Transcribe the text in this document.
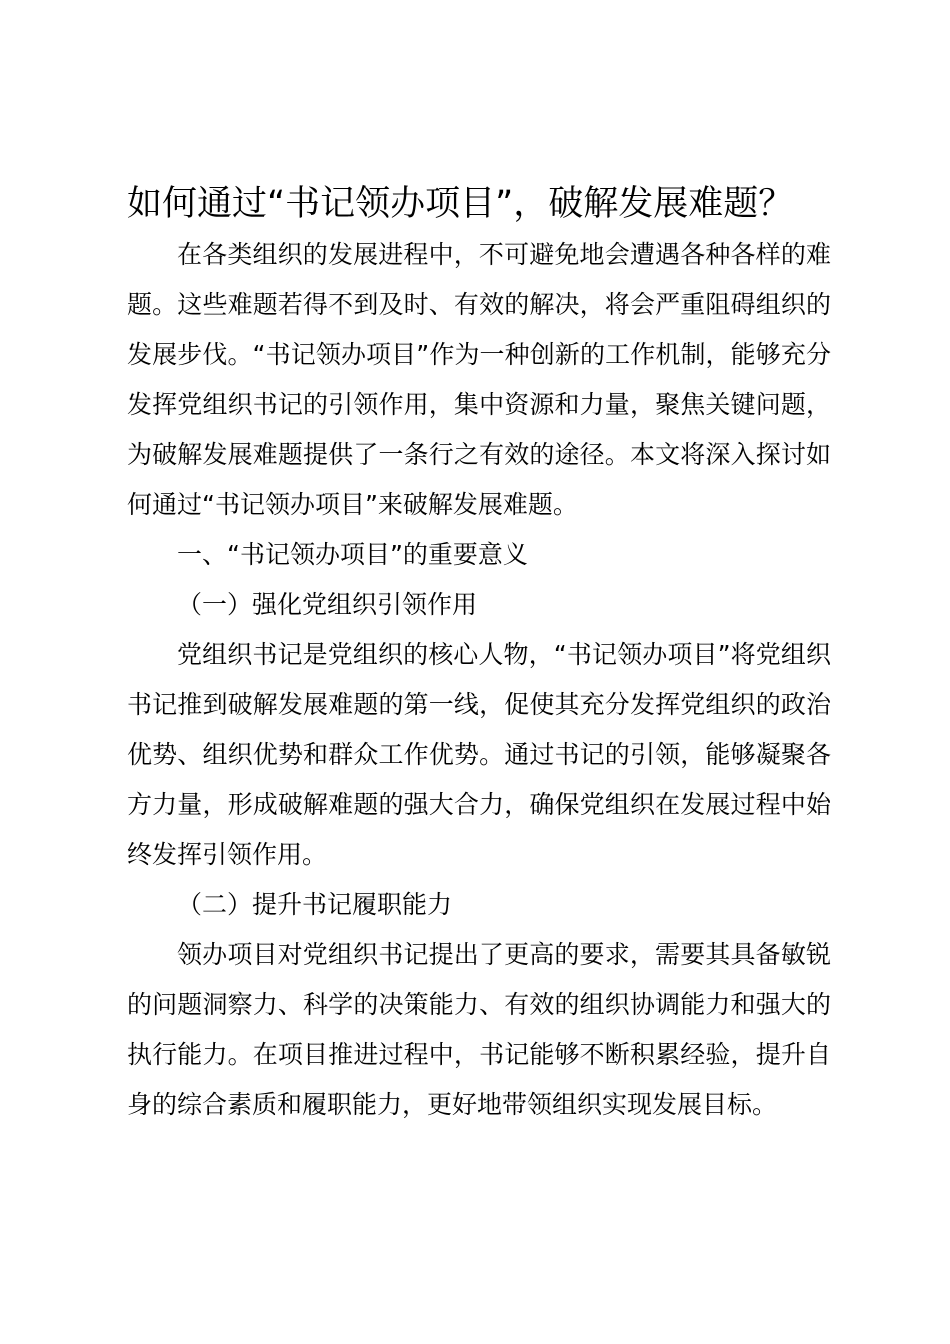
如何通过“书记领办项目”，破解发展难题？

在各类组织的发展进程中，不可避免地会遭遇各种各样的难题。这些难题若得不到及时、有效的解决，将会严重阻碍组织的发展步伐。“书记领办项目”作为一种创新的工作机制，能够充分发挥党组织书记的引领作用，集中资源和力量，聚焦关键问题，为破解发展难题提供了一条行之有效的途径。本文将深入探讨如何通过“书记领办项目”来破解发展难题。

一、“书记领办项目”的重要意义

（一）强化党组织引领作用

党组织书记是党组织的核心人物，“书记领办项目”将党组织书记推到破解发展难题的第一线，促使其充分发挥党组织的政治优势、组织优势和群众工作优势。通过书记的引领，能够凝聚各方力量，形成破解难题的强大合力，确保党组织在发展过程中始终发挥引领作用。

（二）提升书记履职能力

领办项目对党组织书记提出了更高的要求，需要其具备敏锐的问题洞察力、科学的决策能力、有效的组织协调能力和强大的执行能力。在项目推进过程中，书记能够不断积累经验，提升自身的综合素质和履职能力，更好地带领组织实现发展目标。
